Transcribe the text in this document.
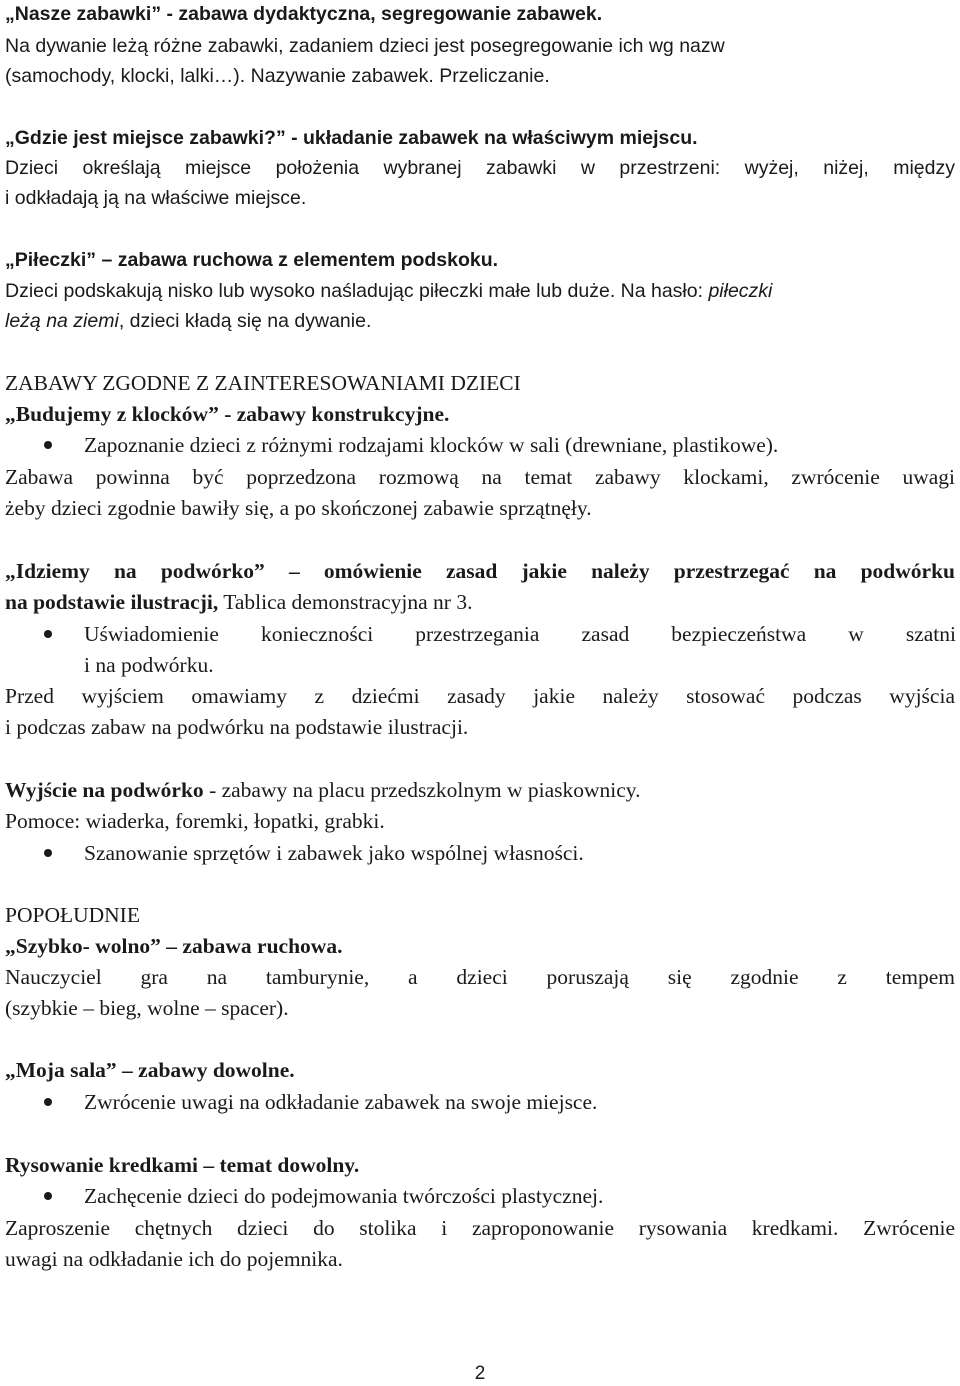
„Nasze zabawki” - zabawa dydaktyczna, segregowanie zabawek.
Na dywanie leżą różne zabawki, zadaniem dzieci jest posegregowanie ich wg nazw
(samochody, klocki, lalki…). Nazywanie zabawek. Przeliczanie.
„Gdzie jest miejsce zabawki?” - układanie zabawek na właściwym miejscu.
Dzieci określają miejsce położenia wybranej zabawki w przestrzeni: wyżej, niżej, między
i odkładają ją na właściwe miejsce.
„Piłeczki” – zabawa ruchowa z elementem podskoku.
Dzieci podskakują nisko lub wysoko naśladując piłeczki małe lub duże. Na hasło: piłeczki
leżą na ziemi, dzieci kładą się na dywanie.
ZABAWY ZGODNE Z ZAINTERESOWANIAMI DZIECI
„Budujemy z klocków” - zabawy konstrukcyjne.
Zapoznanie dzieci z różnymi rodzajami klocków w sali (drewniane, plastikowe).
Zabawa powinna być poprzedzona rozmową na temat zabawy klockami, zwrócenie uwagi
żeby dzieci zgodnie bawiły się, a po skończonej zabawie sprzątnęły.
„Idziemy na podwórko” – omówienie zasad jakie należy przestrzegać na podwórku
na podstawie ilustracji, Tablica demonstracyjna nr 3.
Uświadomienie konieczności przestrzegania zasad bezpieczeństwa w szatni
i na podwórku.
Przed wyjściem omawiamy z dziećmi zasady jakie należy stosować podczas wyjścia
i podczas zabaw na podwórku na podstawie ilustracji.
Wyjście na podwórko - zabawy na placu przedszkolnym w piaskownicy.
Pomoce: wiaderka, foremki, łopatki, grabki.
Szanowanie sprzętów i zabawek jako wspólnej własności.
POPOŁUDNIE
„Szybko- wolno” – zabawa ruchowa.
Nauczyciel gra na tamburynie, a dzieci poruszają się zgodnie z tempem
(szybkie – bieg, wolne – spacer).
„Moja sala” – zabawy dowolne.
Zwrócenie uwagi na odkładanie zabawek na swoje miejsce.
Rysowanie kredkami – temat dowolny.
Zachęcenie dzieci do podejmowania twórczości plastycznej.
Zaproszenie chętnych dzieci do stolika i zaproponowanie rysowania kredkami. Zwrócenie
uwagi na odkładanie ich do pojemnika.
2
